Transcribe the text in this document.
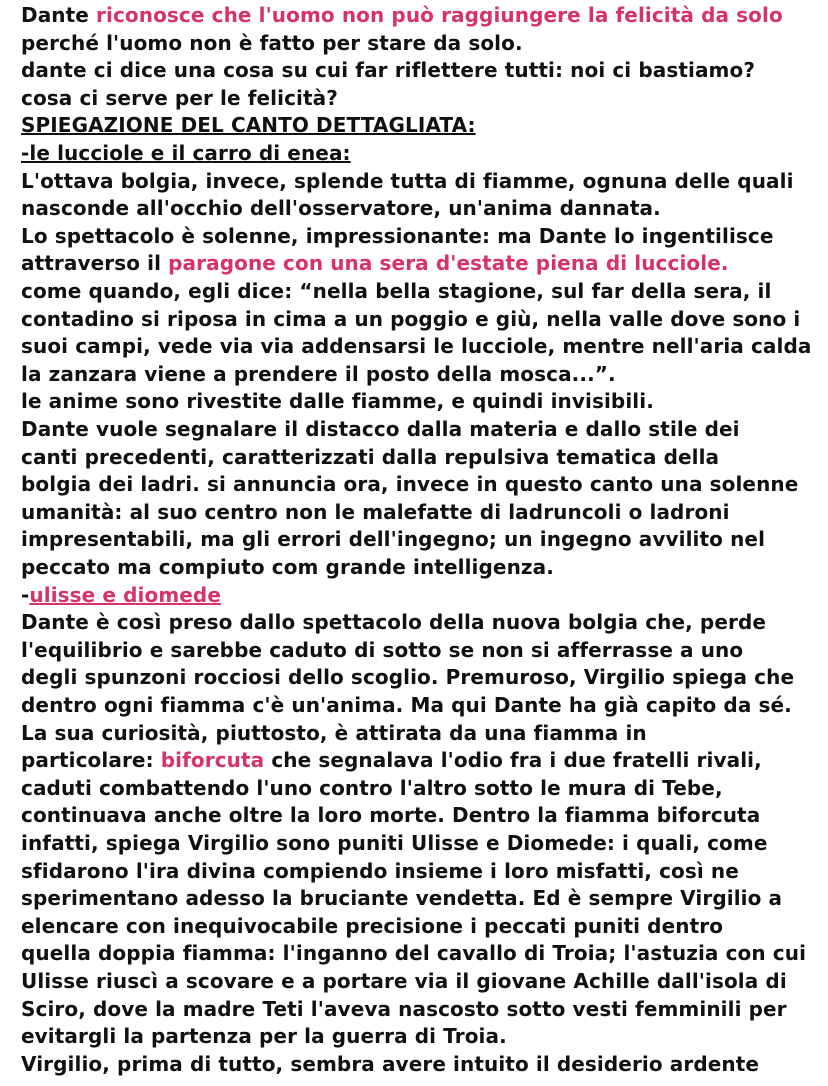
Dante riconosce che l'uomo non può raggiungere la felicità da solo
perché l'uomo non è fatto per stare da solo.
dante ci dice una cosa su cui far riflettere tutti: noi ci bastiamo?
cosa ci serve per le felicità?
SPIEGAZIONE DEL CANTO DETTAGLIATA:
-le lucciole e il carro di enea:
L'ottava bolgia, invece, splende tutta di fiamme, ognuna delle quali
nasconde all'occhio dell'osservatore, un'anima dannata.
Lo spettacolo è solenne, impressionante: ma Dante lo ingentilisce
attraverso il paragone con una sera d'estate piena di lucciole.
come quando, egli dice: “nella bella stagione, sul far della sera, il
contadino si riposa in cima a un poggio e giù, nella valle dove sono i
suoi campi, vede via via addensarsi le lucciole, mentre nell'aria calda
la zanzara viene a prendere il posto della mosca...”.
le anime sono rivestite dalle fiamme, e quindi invisibili.
Dante vuole segnalare il distacco dalla materia e dallo stile dei
canti precedenti, caratterizzati dalla repulsiva tematica della
bolgia dei ladri. si annuncia ora, invece in questo canto una solenne
umanità: al suo centro non le malefatte di ladruncoli o ladroni
impresentabili, ma gli errori dell'ingegno; un ingegno avvilito nel
peccato ma compiuto com grande intelligenza.
-ulisse e diomede
Dante è così preso dallo spettacolo della nuova bolgia che, perde
l'equilibrio e sarebbe caduto di sotto se non si afferrasse a uno
degli spunzoni rocciosi dello scoglio. Premuroso, Virgilio spiega che
dentro ogni fiamma c'è un'anima. Ma qui Dante ha già capito da sé.
La sua curiosità, piuttosto, è attirata da una fiamma in
particolare: biforcuta che segnalava l'odio fra i due fratelli rivali,
caduti combattendo l'uno contro l'altro sotto le mura di Tebe,
continuava anche oltre la loro morte. Dentro la fiamma biforcuta
infatti, spiega Virgilio sono puniti Ulisse e Diomede: i quali, come
sfidarono l'ira divina compiendo insieme i loro misfatti, così ne
sperimentano adesso la bruciante vendetta. Ed è sempre Virgilio a
elencare con inequivocabile precisione i peccati puniti dentro
quella doppia fiamma: l'inganno del cavallo di Troia; l'astuzia con cui
Ulisse riuscì a scovare e a portare via il giovane Achille dall'isola di
Sciro, dove la madre Teti l'aveva nascosto sotto vesti femminili per
evitargli la partenza per la guerra di Troia.
Virgilio, prima di tutto, sembra avere intuito il desiderio ardente
